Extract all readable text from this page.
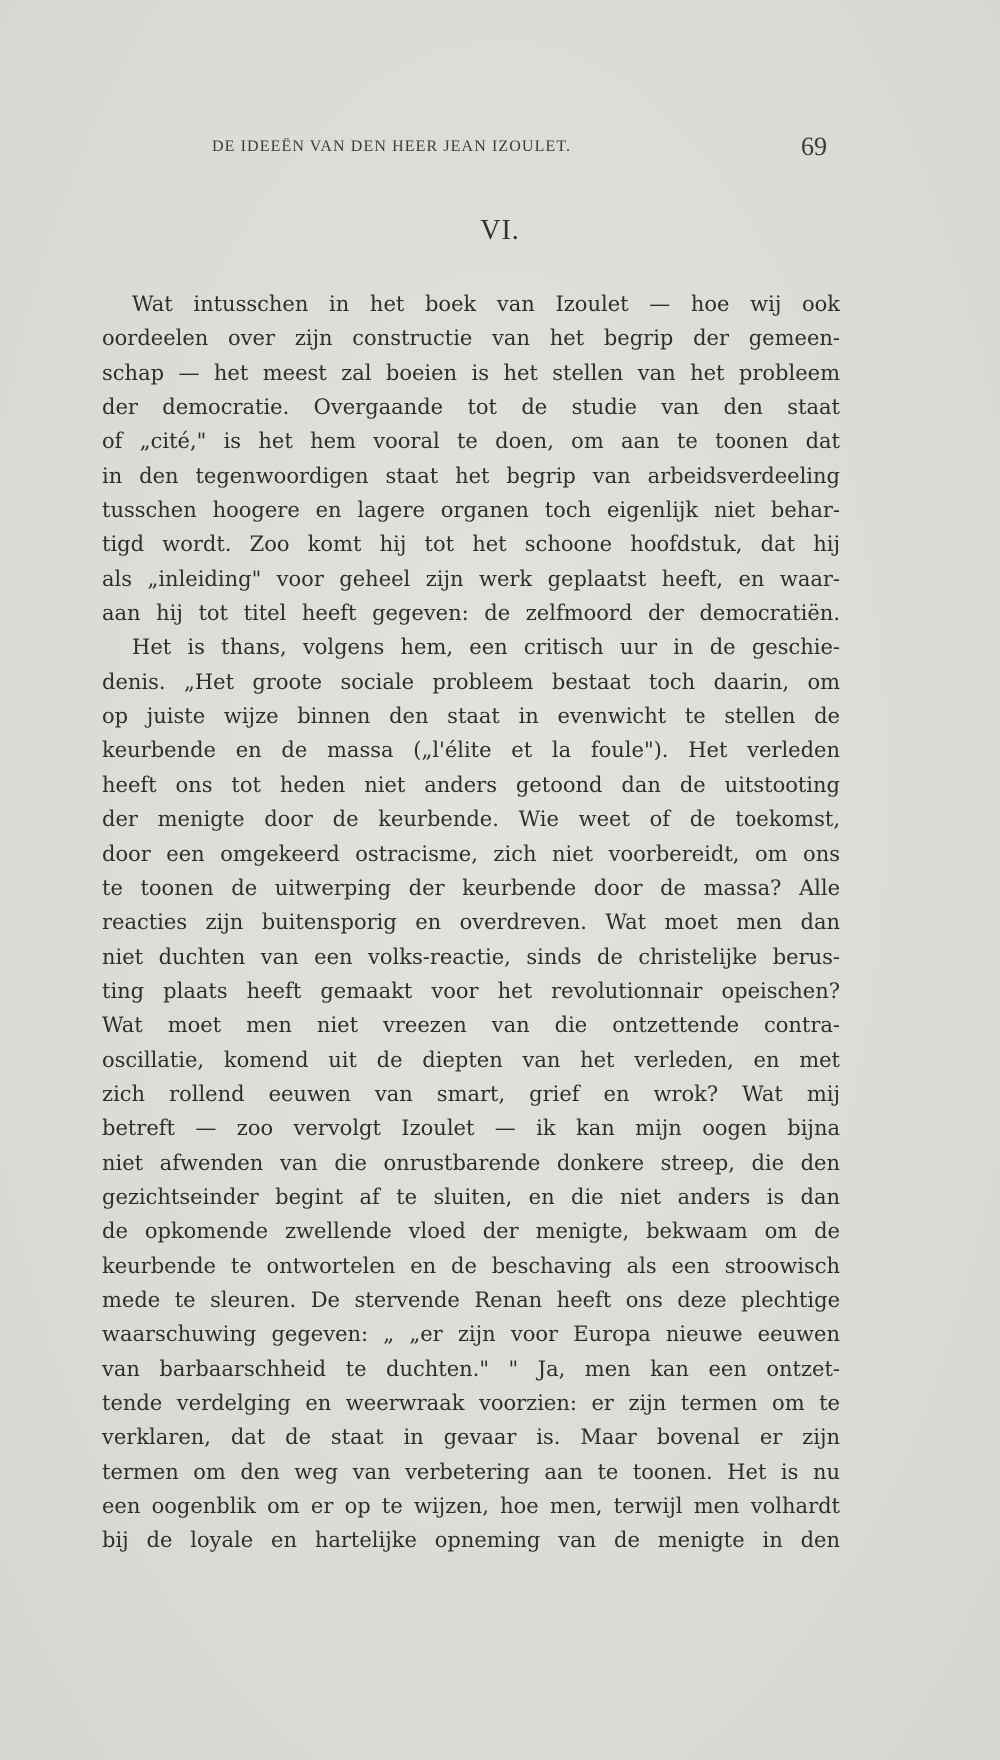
DE IDEEËN VAN DEN HEER JEAN IZOULET.	69
VI.
Wat intusschen in het boek van Izoulet — hoe wij ook
oordeelen over zijn constructie van het begrip der gemeen-
schap — het meest zal boeien is het stellen van het probleem
der democratie. Overgaande tot de studie van den staat
of „cité," is het hem vooral te doen, om aan te toonen dat
in den tegenwoordigen staat het begrip van arbeidsverdeeling
tusschen hoogere en lagere organen toch eigenlijk niet behar-
tigd wordt. Zoo komt hij tot het schoone hoofdstuk, dat hij
als „inleiding" voor geheel zijn werk geplaatst heeft, en waar-
aan hij tot titel heeft gegeven: de zelfmoord der democratiën.
Het is thans, volgens hem, een critisch uur in de geschie-
denis. „Het groote sociale probleem bestaat toch daarin, om
op juiste wijze binnen den staat in evenwicht te stellen de
keurbende en de massa („l'élite et la foule"). Het verleden
heeft ons tot heden niet anders getoond dan de uitstooting
der menigte door de keurbende. Wie weet of de toekomst,
door een omgekeerd ostracisme, zich niet voorbereidt, om ons
te toonen de uitwerping der keurbende door de massa? Alle
reacties zijn buitensporig en overdreven. Wat moet men dan
niet duchten van een volks-reactie, sinds de christelijke berus-
ting plaats heeft gemaakt voor het revolutionnair opeischen?
Wat moet men niet vreezen van die ontzettende contra-
oscillatie, komend uit de diepten van het verleden, en met
zich rollend eeuwen van smart, grief en wrok? Wat mij
betreft — zoo vervolgt Izoulet — ik kan mijn oogen bijna
niet afwenden van die onrustbarende donkere streep, die den
gezichtseinder begint af te sluiten, en die niet anders is dan
de opkomende zwellende vloed der menigte, bekwaam om de
keurbende te ontwortelen en de beschaving als een stroowisch
mede te sleuren. De stervende Renan heeft ons deze plechtige
waarschuwing gegeven: „ „er zijn voor Europa nieuwe eeuwen
van barbaarschheid te duchten." " Ja, men kan een ontzet-
tende verdelging en weerwraak voorzien: er zijn termen om te
verklaren, dat de staat in gevaar is. Maar bovenal er zijn
termen om den weg van verbetering aan te toonen. Het is nu
een oogenblik om er op te wijzen, hoe men, terwijl men volhardt
bij de loyale en hartelijke opneming van de menigte in den
